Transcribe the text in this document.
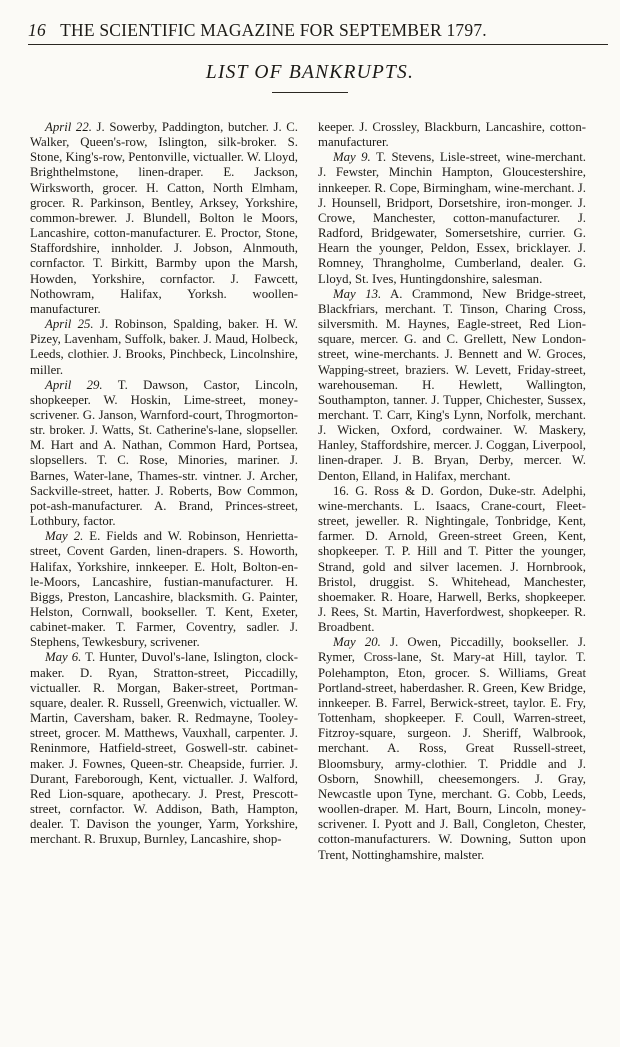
16 THE SCIENTIFIC MAGAZINE FOR SEPTEMBER 1797.
LIST OF BANKRUPTS.

April 22. J. Sowerby, Paddington, butcher. J. C. Walker, Queen's-row, Islington, silk-broker. S. Stone, King's-row, Pentonville, victualler. W. Lloyd, Brighthelmstone, linen-draper. E. Jackson, Wirksworth, grocer. H. Catton, North Elmham, grocer. R. Parkinson, Bentley, Arksey, Yorkshire, common-brewer. J. Blundell, Bolton le Moors, Lancashire, cotton-manufacturer. E. Proctor, Stone, Staffordshire, innholder. J. Jobson, Alnmouth, cornfactor. T. Birkitt, Barmby upon the Marsh, Howden, Yorkshire, cornfactor. J. Fawcett, Nothowram, Halifax, Yorksh. woollen-manufacturer.

April 25. J. Robinson, Spalding, baker. H. W. Pizey, Lavenham, Suffolk, baker. J. Maud, Holbeck, Leeds, clothier. J. Brooks, Pinchbeck, Lincolnshire, miller.

April 29. T. Dawson, Castor, Lincoln, shopkeeper. W. Hoskin, Lime-street, money-scrivener. G. Janson, Warnford-court, Throgmorton-str. broker. J. Watts, St. Catherine's-lane, slopseller. M. Hart and A. Nathan, Common Hard, Portsea, slopsellers. T. C. Rose, Minories, mariner. J. Barnes, Water-lane, Thames-str. vintner. J. Archer, Sackville-street, hatter. J. Roberts, Bow Common, pot-ash-manufacturer. A. Brand, Princes-street, Lothbury, factor.

May 2. E. Fields and W. Robinson, Henrietta-street, Covent Garden, linen-drapers. S. Howorth, Halifax, Yorkshire, innkeeper. E. Holt, Bolton-en-le-Moors, Lancashire, fustian-manufacturer. H. Biggs, Preston, Lancashire, blacksmith. G. Painter, Helston, Cornwall, bookseller. T. Kent, Exeter, cabinet-maker. T. Farmer, Coventry, sadler. J. Stephens, Tewkesbury, scrivener.

May 6. T. Hunter, Duvol's-lane, Islington, clock-maker. D. Ryan, Stratton-street, Piccadilly, victualler. R. Morgan, Baker-street, Portman-square, dealer. R. Russell, Greenwich, victualler. W. Martin, Caversham, baker. R. Redmayne, Tooley-street, grocer. M. Matthews, Vauxhall, carpenter. J. Reninmore, Hatfield-street, Goswell-str. cabinet-maker. J. Fownes, Queen-str. Cheapside, furrier. J. Durant, Fareborough, Kent, victualler. J. Walford, Red Lion-square, apothecary. J. Prest, Prescott-street, cornfactor. W. Addison, Bath, Hampton, dealer. T. Davison the younger, Yarm, Yorkshire, merchant. R. Bruxup, Burnley, Lancashire, shop-

keeper. J. Crossley, Blackburn, Lancashire, cotton-manufacturer.

May 9. T. Stevens, Lisle-street, wine-merchant. J. Fewster, Minchin Hampton, Gloucestershire, innkeeper. R. Cope, Birmingham, wine-merchant. J. J. Hounsell, Bridport, Dorsetshire, iron-monger. J. Crowe, Manchester, cotton-manufacturer. J. Radford, Bridgewater, Somersetshire, currier. G. Hearn the younger, Peldon, Essex, bricklayer. J. Romney, Thrangholme, Cumberland, dealer. G. Lloyd, St. Ives, Huntingdonshire, salesman.

May 13. A. Crammond, New Bridge-street, Blackfriars, merchant. T. Tinson, Charing Cross, silversmith. M. Haynes, Eagle-street, Red Lion-square, mercer. G. and C. Grellett, New London-street, wine-merchants. J. Bennett and W. Groces, Wapping-street, braziers. W. Levett, Friday-street, warehouseman. H. Hewlett, Wallington, Southampton, tanner. J. Tupper, Chichester, Sussex, merchant. T. Carr, King's Lynn, Norfolk, merchant. J. Wicken, Oxford, cordwainer. W. Maskery, Hanley, Staffordshire, mercer. J. Coggan, Liverpool, linen-draper. J. B. Bryan, Derby, mercer. W. Denton, Elland, in Halifax, merchant.

16. G. Ross & D. Gordon, Duke-str. Adelphi, wine-merchants. L. Isaacs, Crane-court, Fleet-street, jeweller. R. Nightingale, Tonbridge, Kent, farmer. D. Arnold, Green-street Green, Kent, shopkeeper. T. P. Hill and T. Pitter the younger, Strand, gold and silver lacemen. J. Hornbrook, Bristol, druggist. S. Whitehead, Manchester, shoemaker. R. Hoare, Harwell, Berks, shopkeeper. J. Rees, St. Martin, Haverfordwest, shopkeeper. R. Broadbent.

May 20. J. Owen, Piccadilly, bookseller. J. Rymer, Cross-lane, St. Mary-at Hill, taylor. T. Polehampton, Eton, grocer. S. Williams, Great Portland-street, haberdasher. R. Green, Kew Bridge, innkeeper. B. Farrel, Berwick-street, taylor. E. Fry, Tottenham, shopkeeper. F. Coull, Warren-street, Fitzroy-square, surgeon. J. Sheriff, Walbrook, merchant. A. Ross, Great Russell-street, Bloomsbury, army-clothier. T. Priddle and J. Osborn, Snowhill, cheesemongers. J. Gray, Newcastle upon Tyne, merchant. G. Cobb, Leeds, woollen-draper. M. Hart, Bourn, Lincoln, money-scrivener. I. Pyott and J. Ball, Congleton, Chester, cotton-manufacturers. W. Downing, Sutton upon Trent, Nottinghamshire, malster.
